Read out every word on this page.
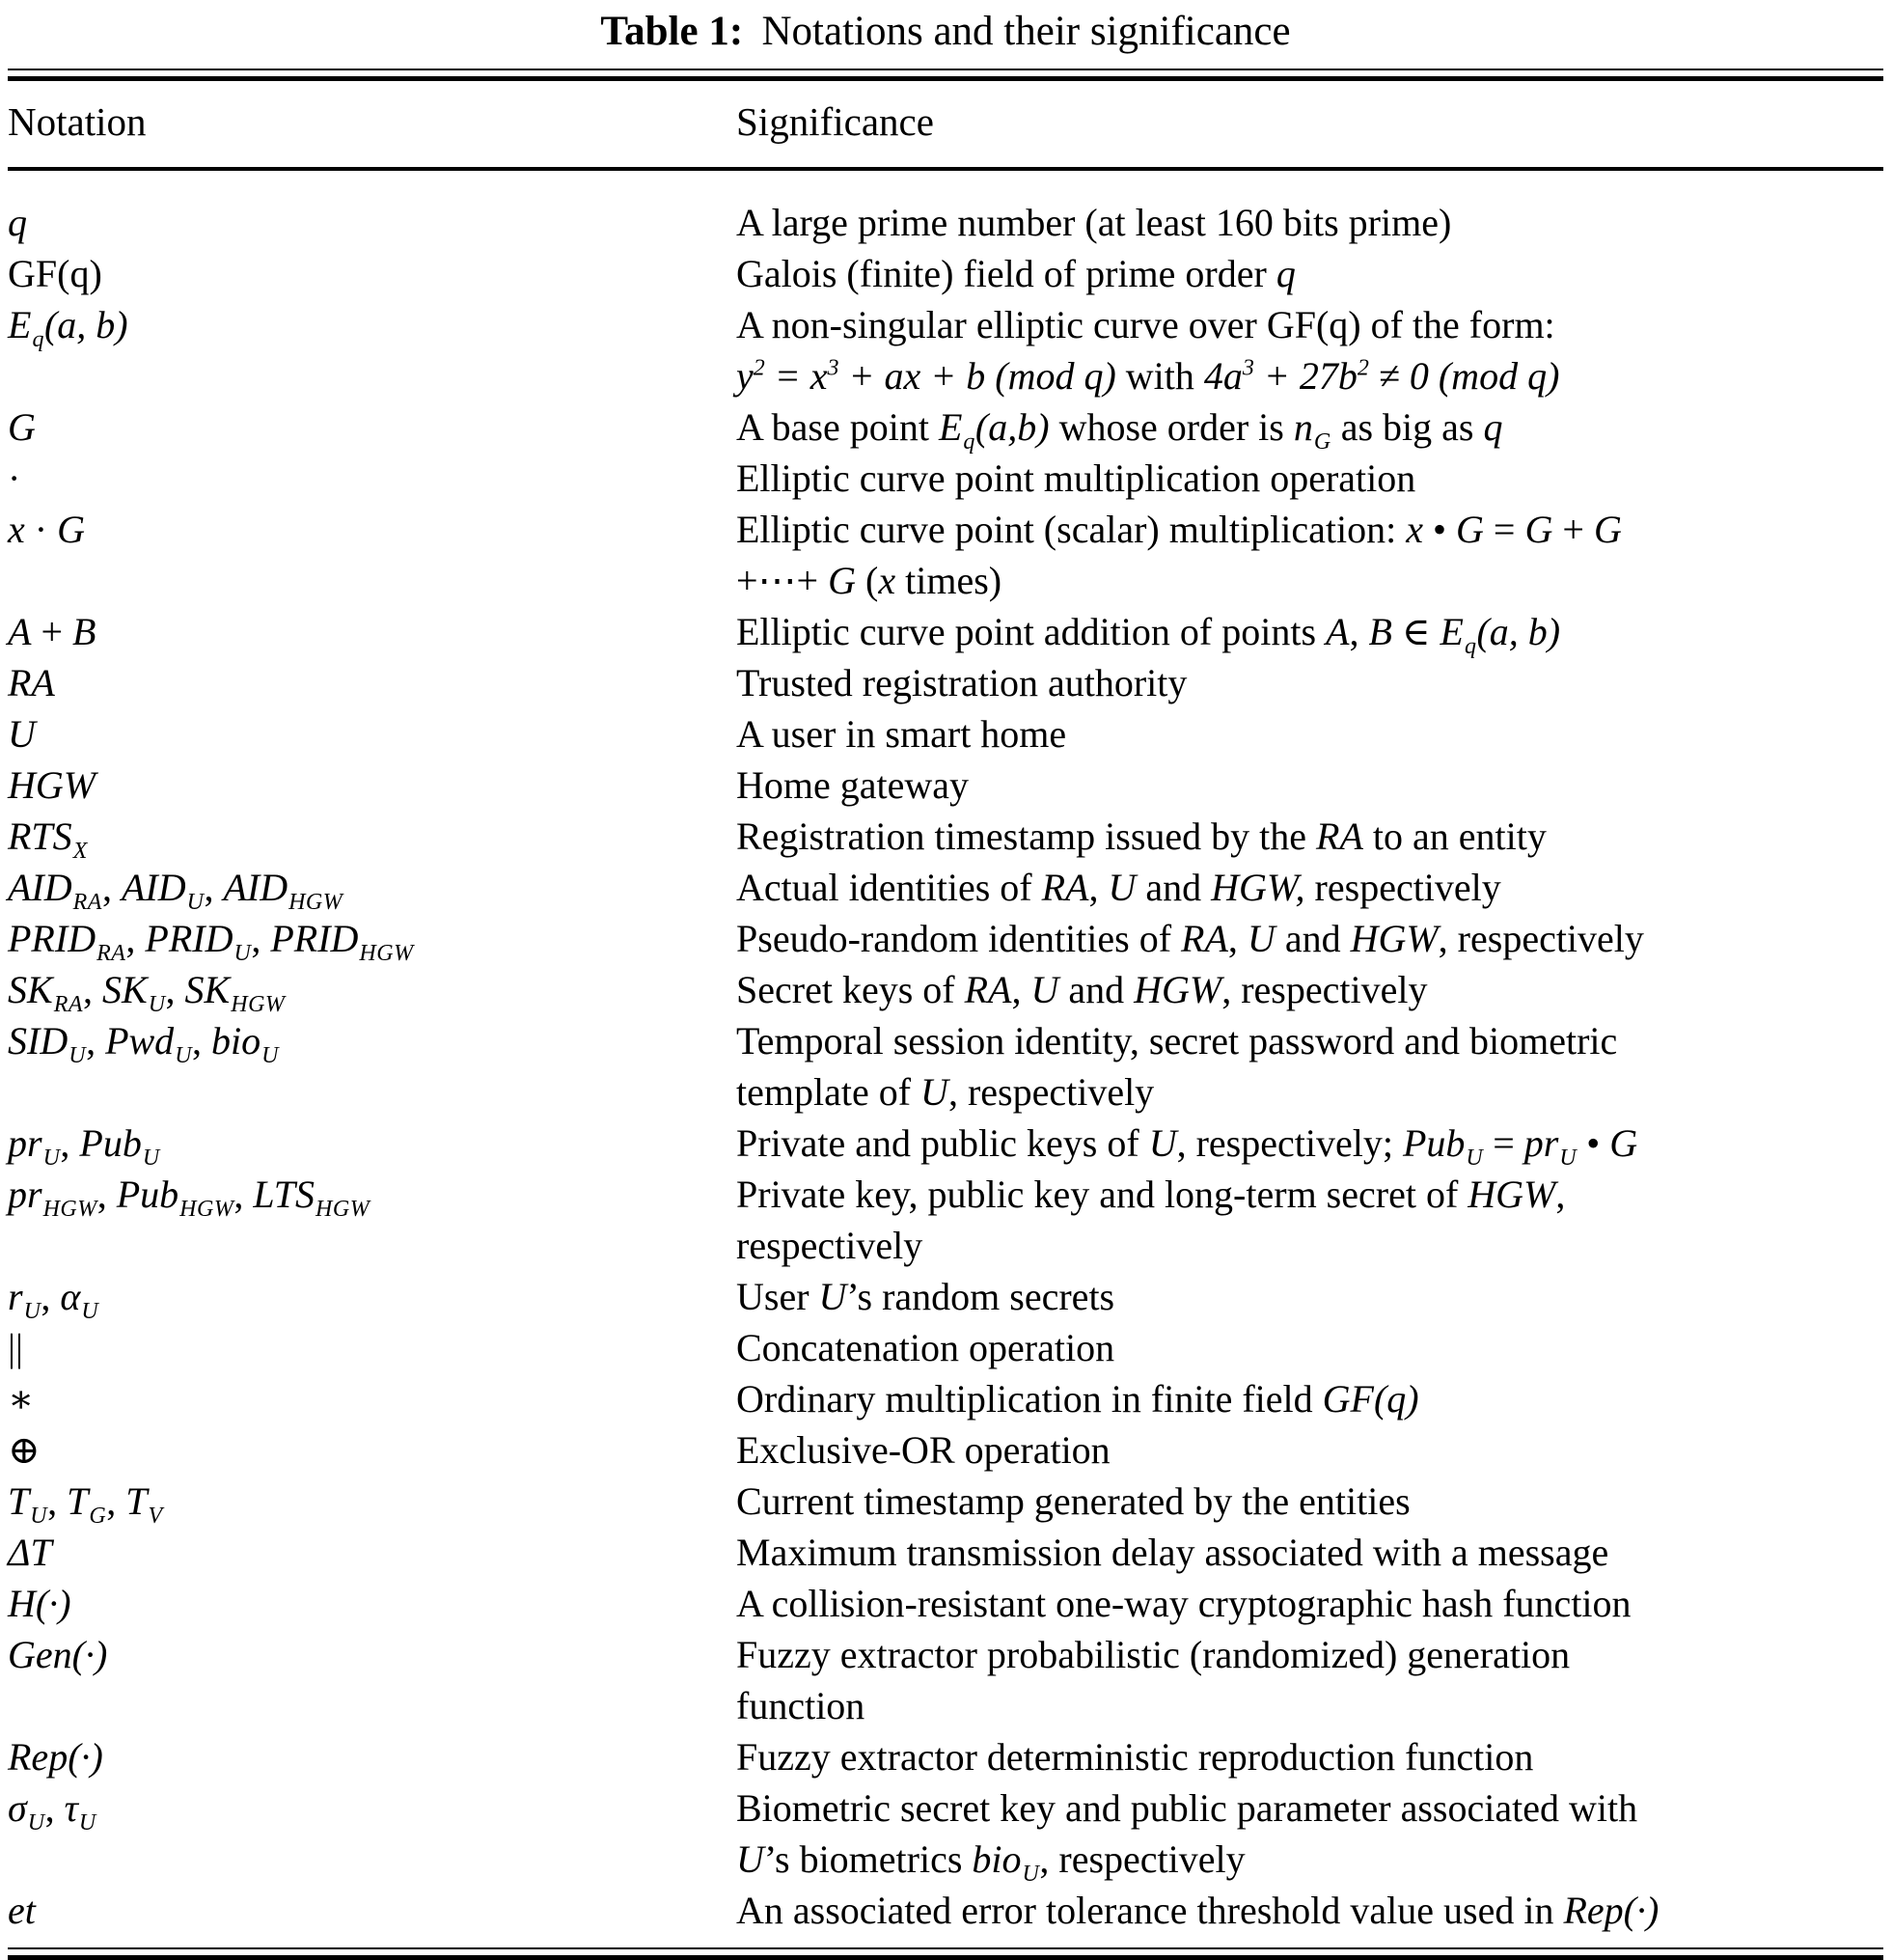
Table 1: Notations and their significance
Notation	Significance
q	A large prime number (at least 160 bits prime)
GF(q)	Galois (finite) field of prime order q
$E_q(a$, b)	A non-singular elliptic curve over GF(q) of the form:
$y^2 = x^3$ + ax + b (mod q) with $4a^3 + 27b^2 \ne 0$ (mod q)
G	A base point $E_q(a,b)$ whose order is $n_G$ as big as q
·	Elliptic curve point multiplication operation
x · G	Elliptic curve point (scalar) multiplication: x • G = G + G
+⋯+ G (x times)
A + B	Elliptic curve point addition of points A, B ∈ $E_q(a$, b)
RA	Trusted registration authority
U	A user in smart home
HGW	Home gateway
$RTS_X$	Registration timestamp issued by the RA to an entity
$AID_{RA}$, $AID_U$, $AID_{HGW}$	Actual identities of RA, U and HGW, respectively
$PRID_{RA}$, $PRID_U$, $PRID_{HGW}$	Pseudo-random identities of RA, U and HGW, respectively
$SK_{RA}$, $SK_U$, $SK_{HGW}$	Secret keys of RA, U and HGW, respectively
$SID_U$, Pwd$_U$, bio$_U$	Temporal session identity, secret password and biometric
template of U, respectively
$pr_U$, Pub$_U$	Private and public keys of U, respectively; $Pub_U = pr_U$ • G
$pr_{HGW}$, Pub$_{HGW}$, $LTS_{HGW}$	Private key, public key and long-term secret of HGW,
respectively
$r_U$, $\alpha_U$	User U’s random secrets
||	Concatenation operation
∗	Ordinary multiplication in finite field GF(q)
⊕	Exclusive-OR operation
$T_U$, $T_G$, $T_V$	Current timestamp generated by the entities
ΔT	Maximum transmission delay associated with a message
H(·)	A collision-resistant one-way cryptographic hash function
Gen(·)	Fuzzy extractor probabilistic (randomized) generation
function
Rep(·)	Fuzzy extractor deterministic reproduction function
$\sigma_U$, $\tau_U$	Biometric secret key and public parameter associated with
U’s biometrics bio$_U$, respectively
et	An associated error tolerance threshold value used in Rep(·)
